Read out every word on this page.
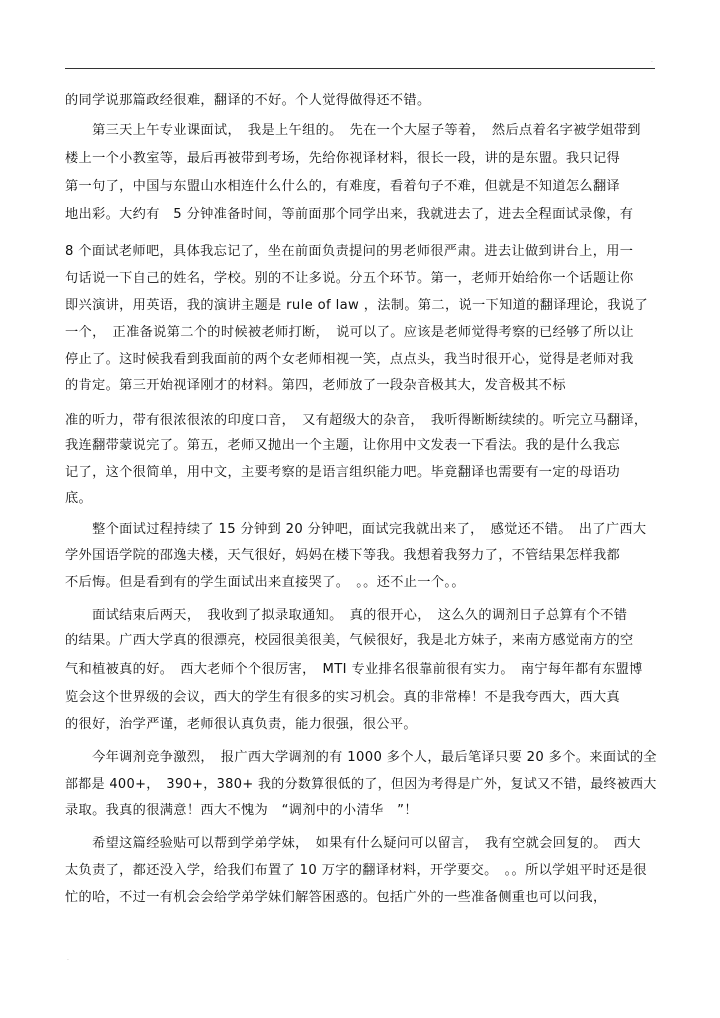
.

的同学说那篇政经很难，翻译的不好。个人觉得做得还不错。

　　第三天上午专业课面试，　我是上午组的。　先在一个大屋子等着，　然后点着名字被学姐带到

楼上一个小教室等，最后再被带到考场，先给你视译材料，很长一段，讲的是东盟。我只记得

第一句了，中国与东盟山水相连什么什么的，有难度，看着句子不难，但就是不知道怎么翻译

地出彩。大约有　5 分钟准备时间，等前面那个同学出来，我就进去了，进去全程面试录像，有

8 个面试老师吧，具体我忘记了，坐在前面负责提问的男老师很严肃。进去让做到讲台上，用一

句话说一下自己的姓名，学校。别的不让多说。分五个环节。第一，老师开始给你一个话题让你

即兴演讲，用英语，我的演讲主题是 rule of law ，法制。第二，说一下知道的翻译理论，我说了

一个，　正准备说第二个的时候被老师打断，　说可以了。应该是老师觉得考察的已经够了所以让

停止了。这时候我看到我面前的两个女老师相视一笑，点点头，我当时很开心，觉得是老师对我

的肯定。第三开始视译刚才的材料。第四，老师放了一段杂音极其大，发音极其不标

准的听力，带有很浓很浓的印度口音，　又有超级大的杂音，　我听得断断续续的。听完立马翻译，

我连翻带蒙说完了。第五，老师又抛出一个主题，让你用中文发表一下看法。我的是什么我忘

记了，这个很简单，用中文，主要考察的是语言组织能力吧。毕竟翻译也需要有一定的母语功

底。

　　整个面试过程持续了 15 分钟到 20 分钟吧，面试完我就出来了，　感觉还不错。　出了广西大

学外国语学院的邵逸夫楼，天气很好，妈妈在楼下等我。我想着我努力了，不管结果怎样我都

不后悔。但是看到有的学生面试出来直接哭了。　。。还不止一个。。

　　面试结束后两天，　我收到了拟录取通知。　真的很开心，　这么久的调剂日子总算有个不错

的结果。广西大学真的很漂亮，校园很美很美，气候很好，我是北方妹子，来南方感觉南方的空

气和植被真的好。　西大老师个个很厉害，　MTI 专业排名很靠前很有实力。　南宁每年都有东盟博

览会这个世界级的会议，西大的学生有很多的实习机会。真的非常棒！不是我夸西大，西大真

的很好，治学严谨，老师很认真负责，能力很强，很公平。

　　今年调剂竞争激烈，　报广西大学调剂的有 1000 多个人，最后笔译只要 20 多个。来面试的全

部都是 400+，　390+，380+ 我的分数算很低的了，但因为考得是广外，复试又不错，最终被西大

录取。我真的很满意！西大不愧为　“调剂中的小清华　”！

　　希望这篇经验贴可以帮到学弟学妹，　如果有什么疑问可以留言，　我有空就会回复的。　西大

太负责了，都还没入学，给我们布置了 10 万字的翻译材料，开学要交。　。。所以学姐平时还是很

忙的哈，不过一有机会会给学弟学妹们解答困惑的。包括广外的一些准备侧重也可以问我，

.
